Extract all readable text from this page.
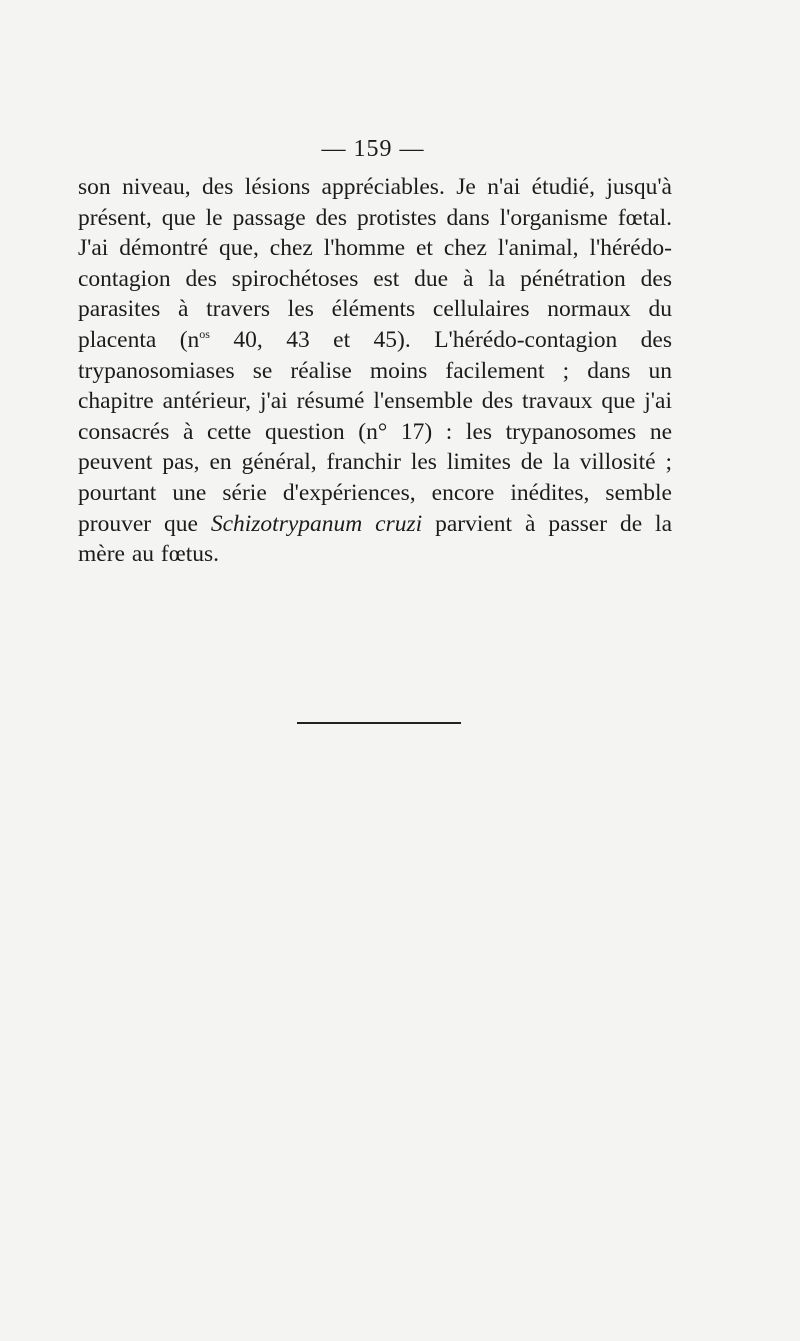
— 159 —

son niveau, des lésions appréciables. Je n'ai étudié, jusqu'à présent, que le passage des protistes dans l'organisme fœtal. J'ai démontré que, chez l'homme et chez l'animal, l'hérédo-contagion des spirochétoses est due à la pénétration des parasites à travers les éléments cellulaires normaux du placenta ($n^{os}$ 40, 43 et 45). L'hérédo-contagion des trypanosomiases se réalise moins facilement ; dans un chapitre antérieur, j'ai résumé l'ensemble des travaux que j'ai consacrés à cette question (n° 17) : les trypanosomes ne peuvent pas, en général, franchir les limites de la villosité ; pourtant une série d'expériences, encore inédites, semble prouver que Schizotrypanum cruzi parvient à passer de la mère au fœtus.
